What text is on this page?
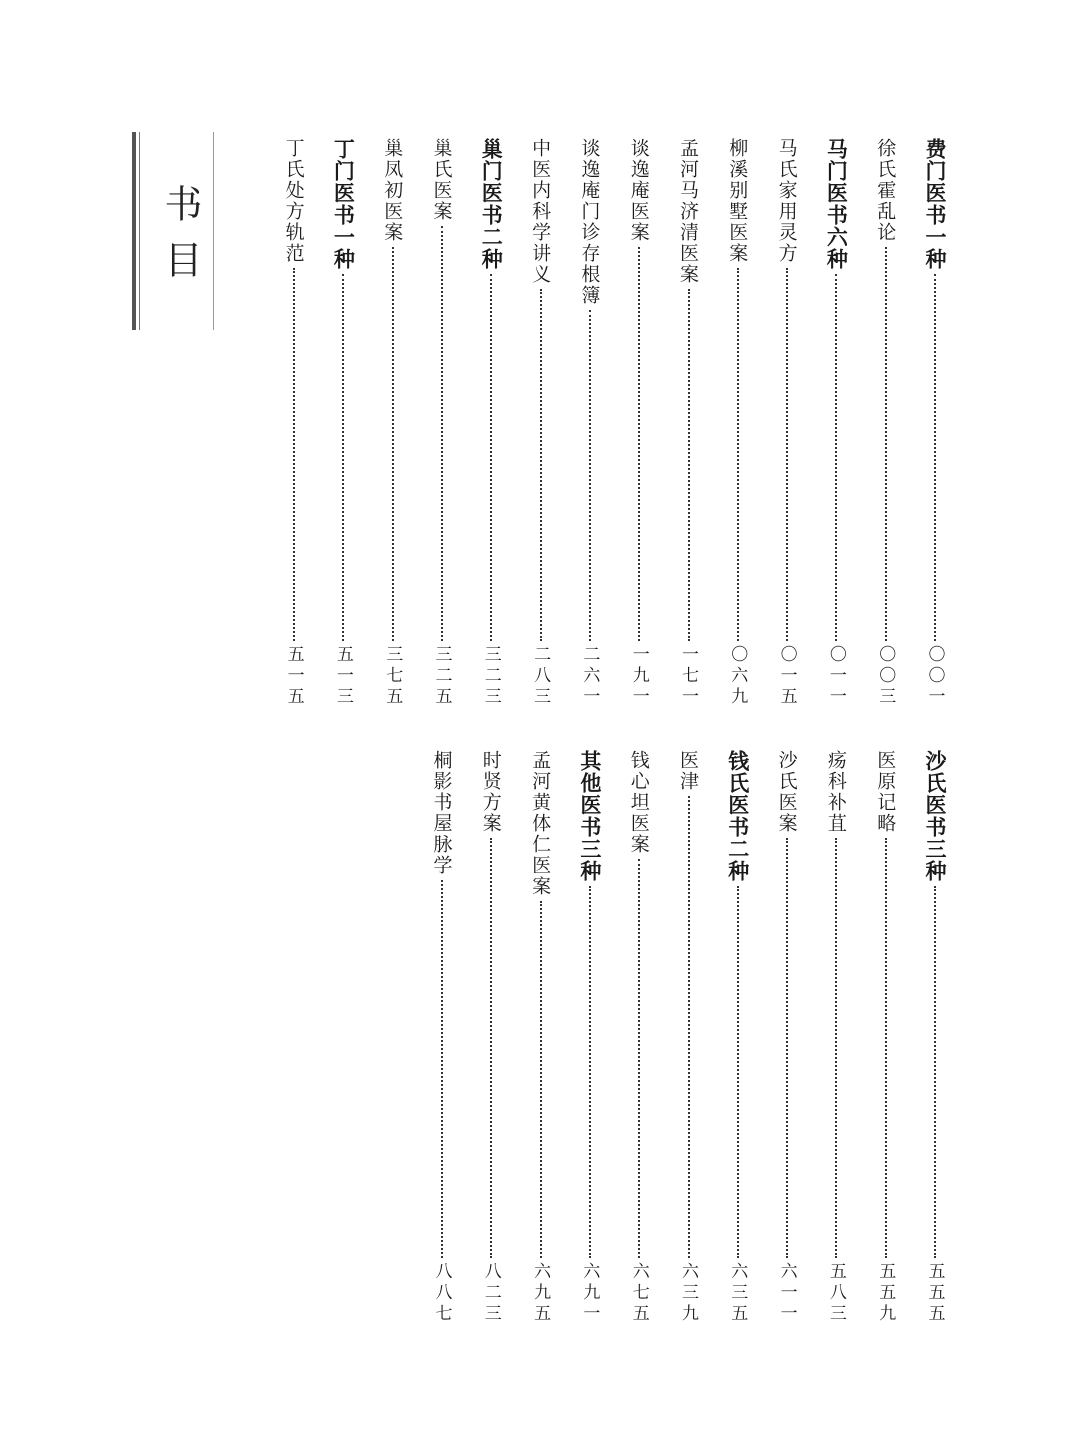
书目	费门医书一种
〇〇一
徐氏霍乱论
〇〇三
马门医书六种
〇一一
马氏家用灵方
〇一五
柳溪别墅医案
〇六九
孟河马济清医案
一七一
谈逸庵医案
一九一
谈逸庵门诊存根簿
二六一
中医内科学讲义
二八三
巢门医书二种
三二三
巢氏医案
三二五
巢凤初医案
三七五
丁门医书一种
五一三
丁氏处方轨范
五一五
沙氏医书三种
五五五
医原记略
五五九
疡科补苴
五八三
沙氏医案
六一一
钱氏医书二种
六三五
医津
六三九
钱心坦医案
六七五
其他医书三种
六九一
孟河黄体仁医案
六九五
时贤方案
八二三
桐影书屋脉学
八八七
